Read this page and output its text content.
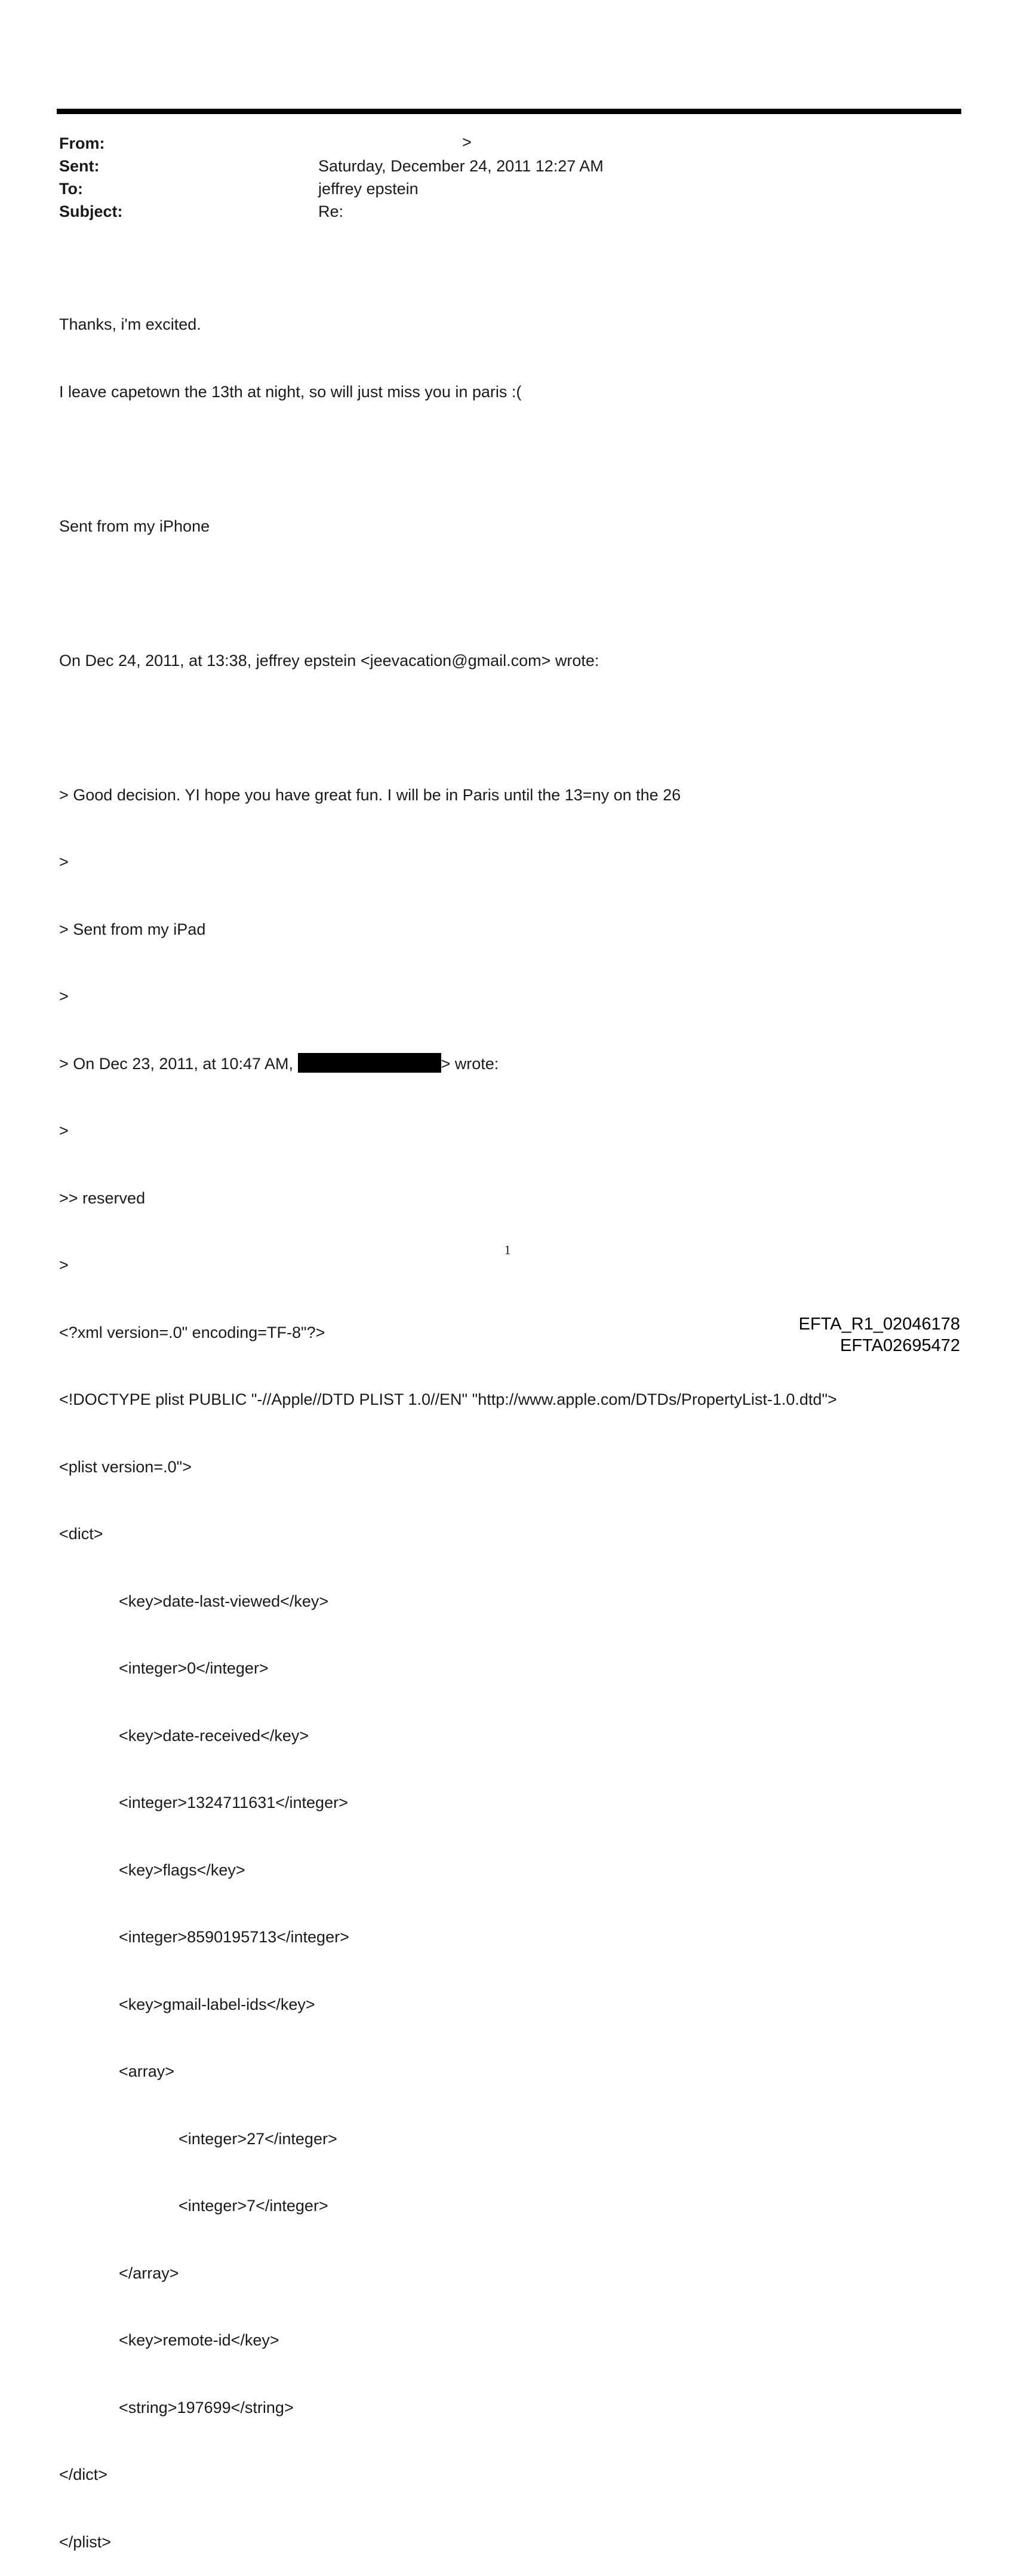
From:
Sent:
To:
Subject:
>
Saturday, December 24, 2011 12:27 AM
jeffrey epstein
Re:

Thanks, i'm excited.

I leave capetown the 13th at night, so will just miss you in paris :(

Sent from my iPhone

On Dec 24, 2011, at 13:38, jeffrey epstein <jeevacation@gmail.com> wrote:

> Good decision. YI hope you have great fun. I will be in Paris until the 13=ny on the 26

>

> Sent from my iPad

>

> On Dec 23, 2011, at 10:47 AM,	> wrote:

>

>> reserved

>

<?xml version=.0" encoding=TF-8"?>

<!DOCTYPE plist PUBLIC "-//Apple//DTD PLIST 1.0//EN" "http://www.apple.com/DTDs/PropertyList-1.0.dtd">

<plist version=.0">

<dict>

<key>date-last-viewed</key>

<integer>0</integer>

<key>date-received</key>

<integer>1324711631</integer>

<key>flags</key>

<integer>8590195713</integer>

<key>gmail-label-ids</key>

<array>

<integer>27</integer>

<integer>7</integer>

</array>

<key>remote-id</key>

<string>197699</string>

</dict>

</plist>

1
EFTA_R1_02046178
EFTA02695472
